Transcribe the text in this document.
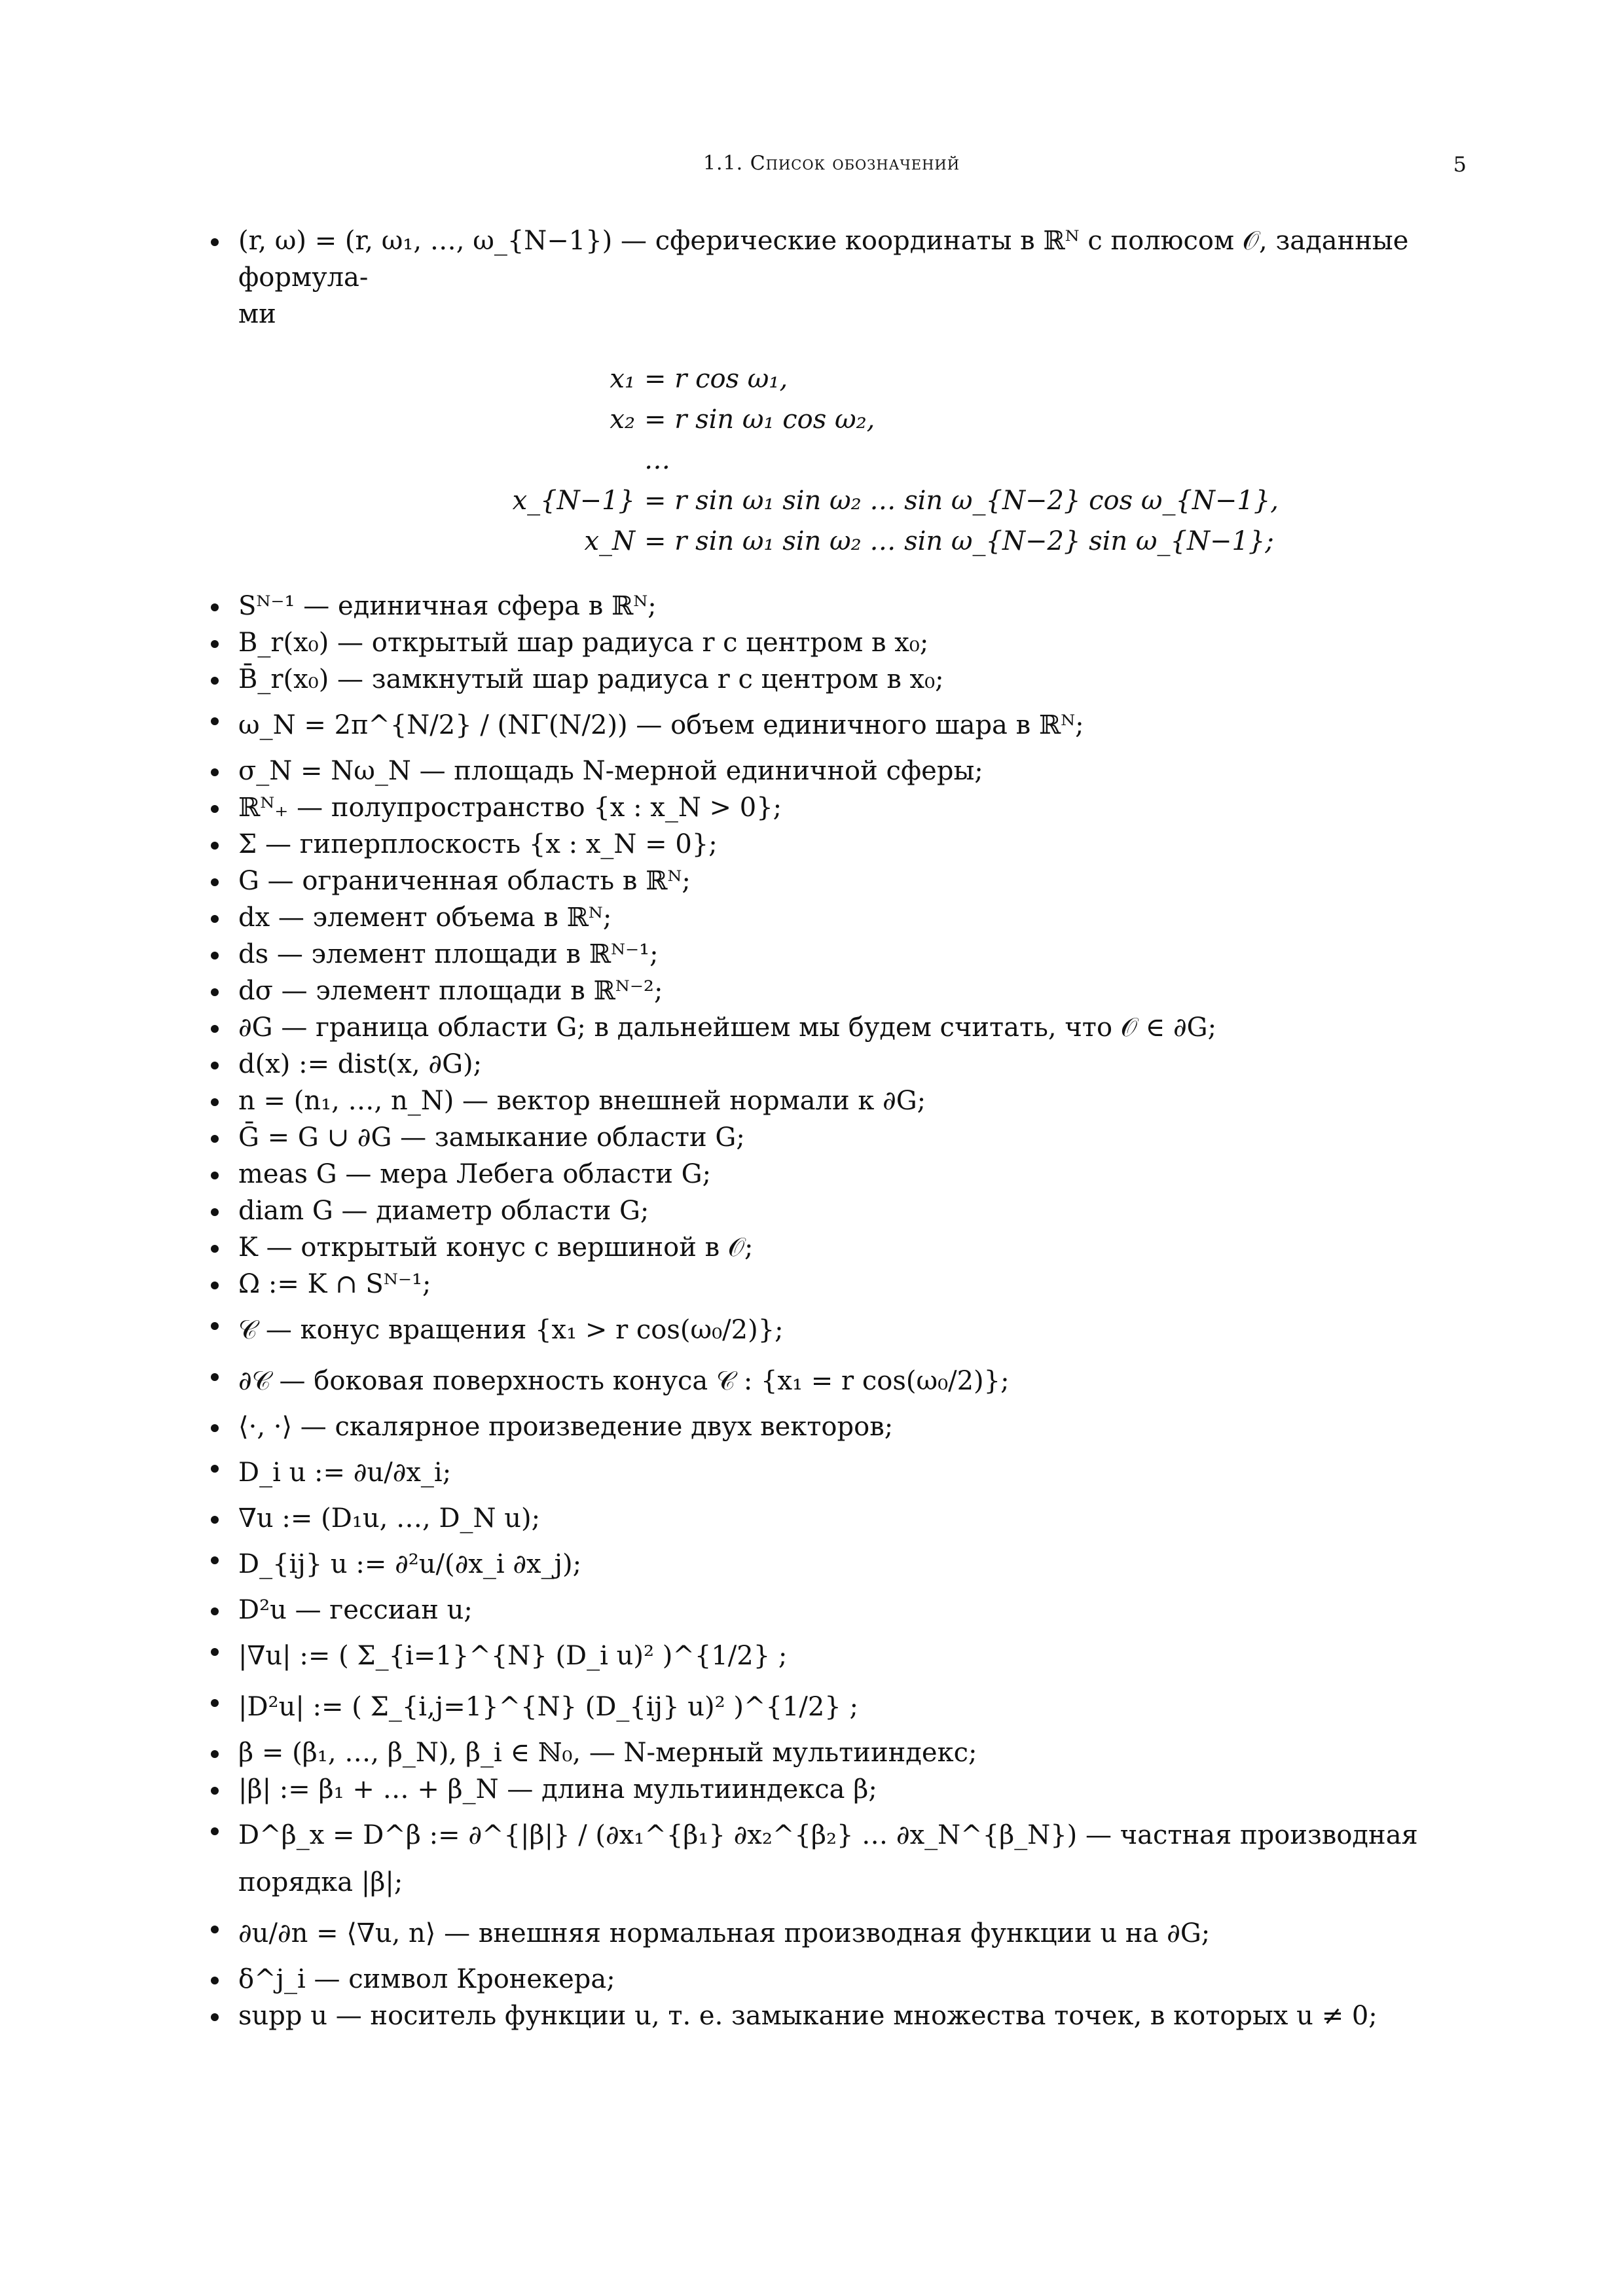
1.1. Список обозначений	5
(r, ω) = (r, ω₁, …, ω_{N−1}) — сферические координаты в ℝᴺ с полюсом 𝒪, заданные формула-
ми
x₁ = r cos ω₁,
x₂ = r sin ω₁ cos ω₂,
…
x_{N−1} = r sin ω₁ sin ω₂ … sin ω_{N−2} cos ω_{N−1},
x_N = r sin ω₁ sin ω₂ … sin ω_{N−2} sin ω_{N−1};
Sᴺ⁻¹ — единичная сфера в ℝᴺ;
B_r(x₀) — открытый шар радиуса r с центром в x₀;
B̄_r(x₀) — замкнутый шар радиуса r с центром в x₀;
ω_N = 2π^{N/2} / (NΓ(N/2)) — объем единичного шара в ℝᴺ;
σ_N = Nω_N — площадь N-мерной единичной сферы;
ℝᴺ₊ — полупространство {x : x_N > 0};
Σ — гиперплоскость {x : x_N = 0};
G — ограниченная область в ℝᴺ;
dx — элемент объема в ℝᴺ;
ds — элемент площади в ℝᴺ⁻¹;
dσ — элемент площади в ℝᴺ⁻²;
∂G — граница области G; в дальнейшем мы будем считать, что 𝒪 ∈ ∂G;
d(x) := dist(x, ∂G);
n = (n₁, …, n_N) — вектор внешней нормали к ∂G;
Ḡ = G ∪ ∂G — замыкание области G;
meas G — мера Лебега области G;
diam G — диаметр области G;
K — открытый конус с вершиной в 𝒪;
Ω := K ∩ Sᴺ⁻¹;
𝒞 — конус вращения {x₁ > r cos(ω₀/2)};
∂𝒞 — боковая поверхность конуса 𝒞 : {x₁ = r cos(ω₀/2)};
⟨·, ·⟩ — скалярное произведение двух векторов;
D_i u := ∂u/∂x_i;
∇u := (D₁u, …, D_N u);
D_{ij} u := ∂²u/(∂x_i ∂x_j);
D²u — гессиан u;
|∇u| := ( Σ_{i=1}^{N} (D_i u)² )^{1/2} ;
|D²u| := ( Σ_{i,j=1}^{N} (D_{ij} u)² )^{1/2} ;
β = (β₁, …, β_N), β_i ∈ ℕ₀, — N-мерный мультииндекс;
|β| := β₁ + … + β_N — длина мультииндекса β;
D^β_x = D^β := ∂^{|β|} / (∂x₁^{β₁} ∂x₂^{β₂} … ∂x_N^{β_N}) — частная производная порядка |β|;
∂u/∂n = ⟨∇u, n⟩ — внешняя нормальная производная функции u на ∂G;
δ^j_i — символ Кронекера;
supp u — носитель функции u, т. е. замыкание множества точек, в которых u ≠ 0;
